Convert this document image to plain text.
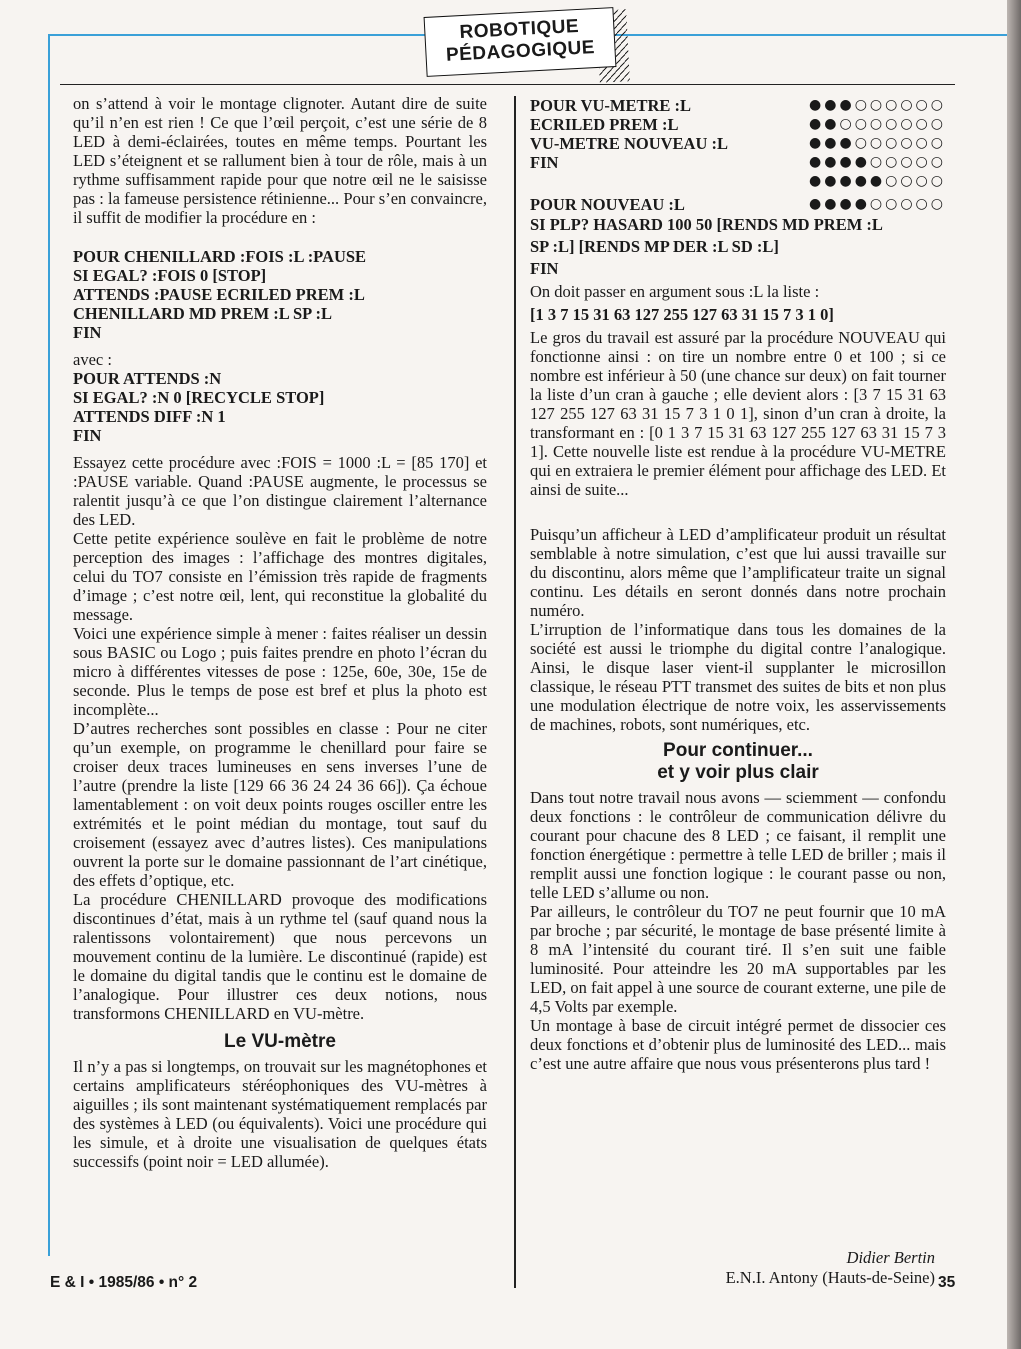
ROBOTIQUE
PÉDAGOGIQUE

on s’attend à voir le montage clignoter. Autant dire de suite qu’il n’en est rien ! Ce que l’œil perçoit, c’est une série de 8 LED à demi-éclairées, toutes en même temps. Pourtant les LED s’éteignent et se rallument bien à tour de rôle, mais à un rythme suffisamment rapide pour que notre œil ne le saisisse pas : la fameuse persistence rétinienne... Pour s’en convaincre, il suffit de modifier la procédure en :

POUR CHENILLARD :FOIS :L :PAUSE
SI EGAL? :FOIS 0 [STOP]
ATTENDS :PAUSE ECRILED PREM :L
CHENILLARD MD PREM :L SP :L
FIN

avec :

POUR ATTENDS :N
SI EGAL? :N 0 [RECYCLE STOP]
ATTENDS DIFF :N 1
FIN

Essayez cette procédure avec :FOIS = 1000 :L = [85 170] et :PAUSE variable. Quand :PAUSE augmente, le processus se ralentit jusqu’à ce que l’on distingue clairement l’alternance des LED.

Cette petite expérience soulève en fait le problème de notre perception des images : l’affichage des montres digitales, celui du TO7 consiste en l’émission très rapide de fragments d’image ; c’est notre œil, lent, qui reconstitue la globalité du message.

Voici une expérience simple à mener : faites réaliser un dessin sous BASIC ou Logo ; puis faites prendre en photo l’écran du micro à différentes vitesses de pose : 125e, 60e, 30e, 15e de seconde. Plus le temps de pose est bref et plus la photo est incomplète...

D’autres recherches sont possibles en classe : Pour ne citer qu’un exemple, on programme le chenillard pour faire se croiser deux traces lumineuses en sens inverses l’une de l’autre (prendre la liste [129 66 36 24 24 36 66]). Ça échoue lamentablement : on voit deux points rouges osciller entre les extrémités et le point médian du montage, tout sauf du croisement (essayez avec d’autres listes). Ces manipulations ouvrent la porte sur le domaine passionnant de l’art cinétique, des effets d’optique, etc.

La procédure CHENILLARD provoque des modifications discontinues d’état, mais à un rythme tel (sauf quand nous la ralentissons volontairement) que nous percevons un mouvement continu de la lumière. Le discontinué (rapide) est le domaine du digital tandis que le continu est le domaine de l’analogique. Pour illustrer ces deux notions, nous transformons CHENILLARD en VU-mètre.

Le VU-mètre

Il n’y a pas si longtemps, on trouvait sur les magnétophones et certains amplificateurs stéréophoniques des VU-mètres à aiguilles ; ils sont maintenant systématiquement remplacés par des systèmes à LED (ou équivalents). Voici une procédure qui les simule, et à droite une visualisation de quelques états successifs (point noir = LED allumée).

POUR VU-METRE :L	●●●○○○○○○
ECRILED PREM :L	●●○○○○○○○
VU-METRE NOUVEAU :L	●●●○○○○○○
FIN	●●●●○○○○○
●●●●●○○○○
POUR NOUVEAU :L	●●●●○○○○○
SI PLP? HASARD 100 50 [RENDS MD PREM :L
SP :L] [RENDS MP DER :L SD :L]
FIN

On doit passer en argument sous :L la liste :

[1 3 7 15 31 63 127 255 127 63 31 15 7 3 1 0]

Le gros du travail est assuré par la procédure NOUVEAU qui fonctionne ainsi : on tire un nombre entre 0 et 100 ; si ce nombre est inférieur à 50 (une chance sur deux) on fait tourner la liste d’un cran à gauche ; elle devient alors : [3 7 15 31 63 127 255 127 63 31 15 7 3 1 0 1], sinon d’un cran à droite, la transformant en : [0 1 3 7 15 31 63 127 255 127 63 31 15 7 3 1]. Cette nouvelle liste est rendue à la procédure VU-METRE qui en extraiera le premier élément pour affichage des LED. Et ainsi de suite...

Puisqu’un afficheur à LED d’amplificateur produit un résultat semblable à notre simulation, c’est que lui aussi travaille sur du discontinu, alors même que l’amplificateur traite un signal continu. Les détails en seront donnés dans notre prochain numéro.

L’irruption de l’informatique dans tous les domaines de la société est aussi le triomphe du digital contre l’analogique. Ainsi, le disque laser vient-il supplanter le microsillon classique, le réseau PTT transmet des suites de bits et non plus une modulation électrique de notre voix, les asservissements de machines, robots, sont numériques, etc.

Pour continuer...
et y voir plus clair

Dans tout notre travail nous avons — sciemment — confondu deux fonctions : le contrôleur de communication délivre du courant pour chacune des 8 LED ; ce faisant, il remplit une fonction énergétique : permettre à telle LED de briller ; mais il remplit aussi une fonction logique : le courant passe ou non, telle LED s’allume ou non.

Par ailleurs, le contrôleur du TO7 ne peut fournir que 10 mA par broche ; par sécurité, le montage de base présenté limite à 8 mA l’intensité du courant tiré. Il s’en suit une faible luminosité. Pour atteindre les 20 mA supportables par les LED, on fait appel à une source de courant externe, une pile de 4,5 Volts par exemple.

Un montage à base de circuit intégré permet de dissocier ces deux fonctions et d’obtenir plus de luminosité des LED... mais c’est une autre affaire que nous vous présenterons plus tard !

Didier Bertin
E.N.I. Antony (Hauts-de-Seine)
E & I • 1985/86 • n° 2	35
